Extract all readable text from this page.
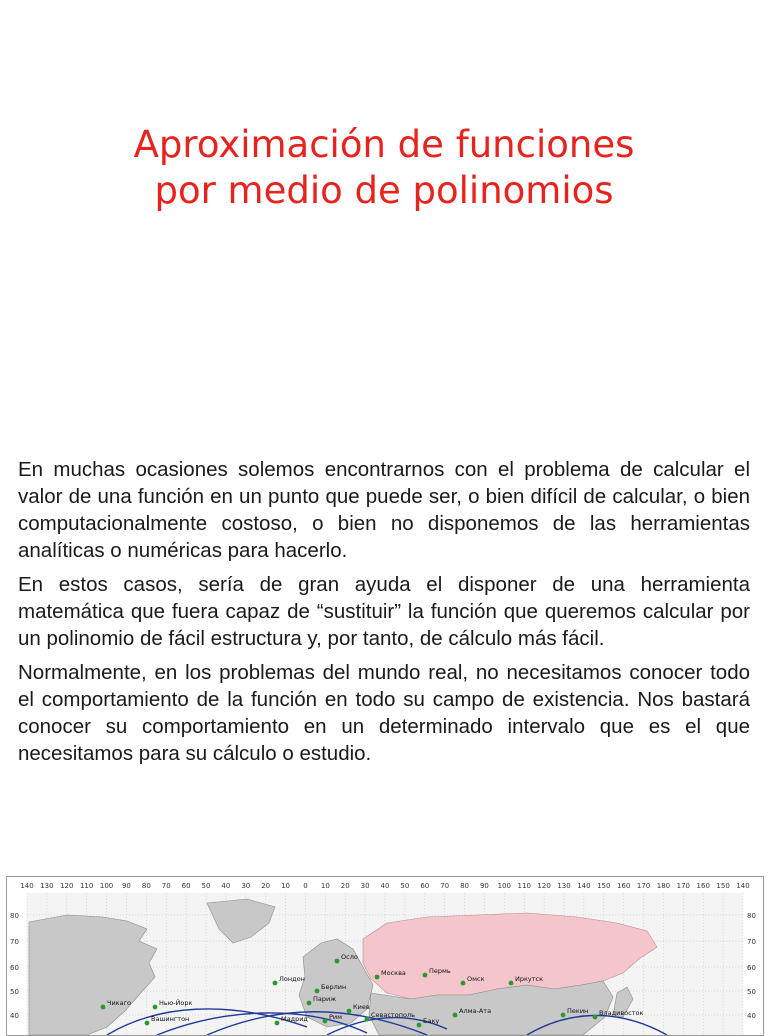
Aproximación de funciones
por medio de polinomios

En muchas ocasiones solemos encontrarnos con el problema de calcular el valor de una función en un punto que puede ser, o bien difícil de calcular, o bien computacionalmente costoso, o bien no disponemos de las herramientas analíticas o numéricas para hacerlo.

En estos casos, sería de gran ayuda el disponer de una herramienta matemática que fuera capaz de “sustituir” la función que queremos calcular por un polinomio de fácil estructura y, por tanto, de cálculo más fácil.

Normalmente, en los problemas del mundo real, no necesitamos conocer todo el comportamiento de la función en todo su campo de existencia. Nos bastará conocer su comportamiento en un determinado intervalo que es el que necesitamos para su cálculo o estudio.

140 130 120 110 100 90 80 70 60 50 40 30 20 10 0 10 20 30 40 50 60 70 80 90 100 110 120 130 140 150 160 170 180 170 160 150 140
80
70
60
50
40
80
70
60
50
40
Осло
Лондон
Берлин
Москва	Пермь
Омск	Иркутск
Париж
Киев
Севастополь
Чикаго	Нью-Йорк
Вашингтон	Мадрид	Рим	Баку
Алма-Ата	Пекин Владивосток
